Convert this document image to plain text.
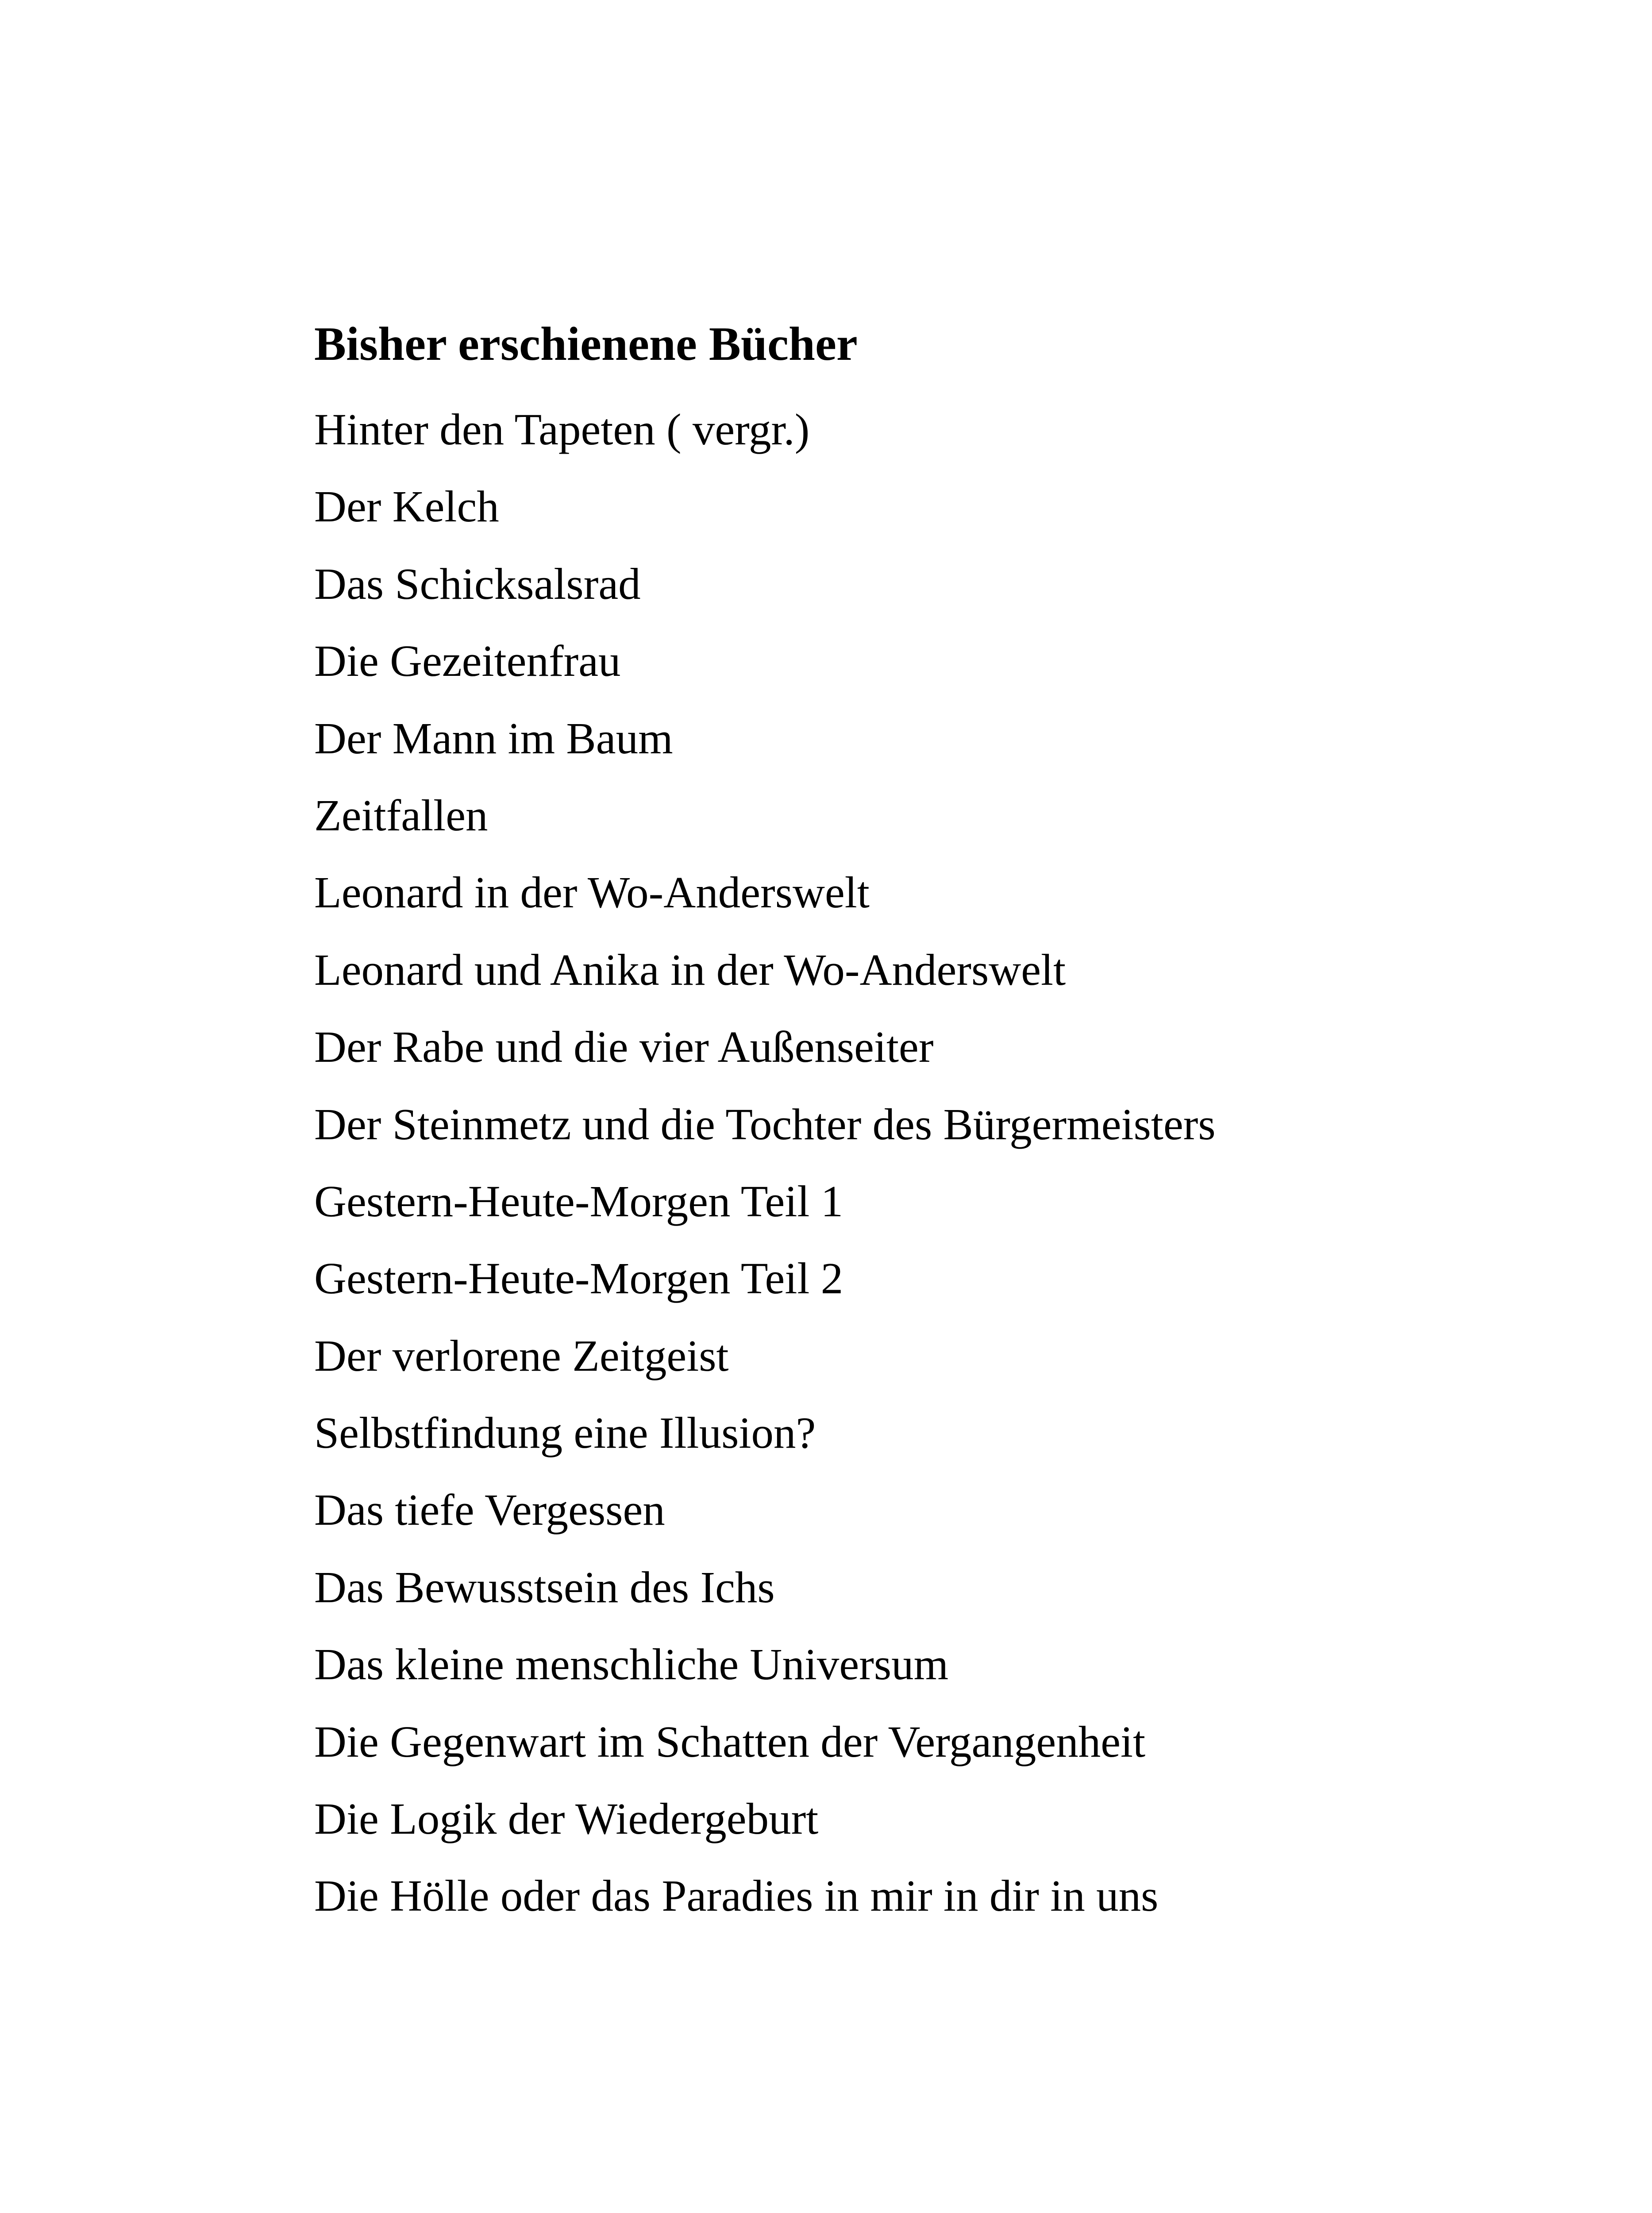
Bisher erschienene Bücher
Hinter den Tapeten ( vergr.)
Der Kelch
Das Schicksalsrad
Die Gezeitenfrau
Der Mann im Baum
Zeitfallen
Leonard in der Wo-Anderswelt
Leonard und Anika in der Wo-Anderswelt
Der Rabe und die vier Außenseiter
Der Steinmetz und die Tochter des Bürgermeisters
Gestern-Heute-Morgen Teil 1
Gestern-Heute-Morgen Teil 2
Der verlorene Zeitgeist
Selbstfindung eine Illusion?
Das tiefe Vergessen
Das Bewusstsein des Ichs
Das kleine menschliche Universum
Die Gegenwart im Schatten der Vergangenheit
Die Logik der Wiedergeburt
Die Hölle oder das Paradies in mir in dir in uns
